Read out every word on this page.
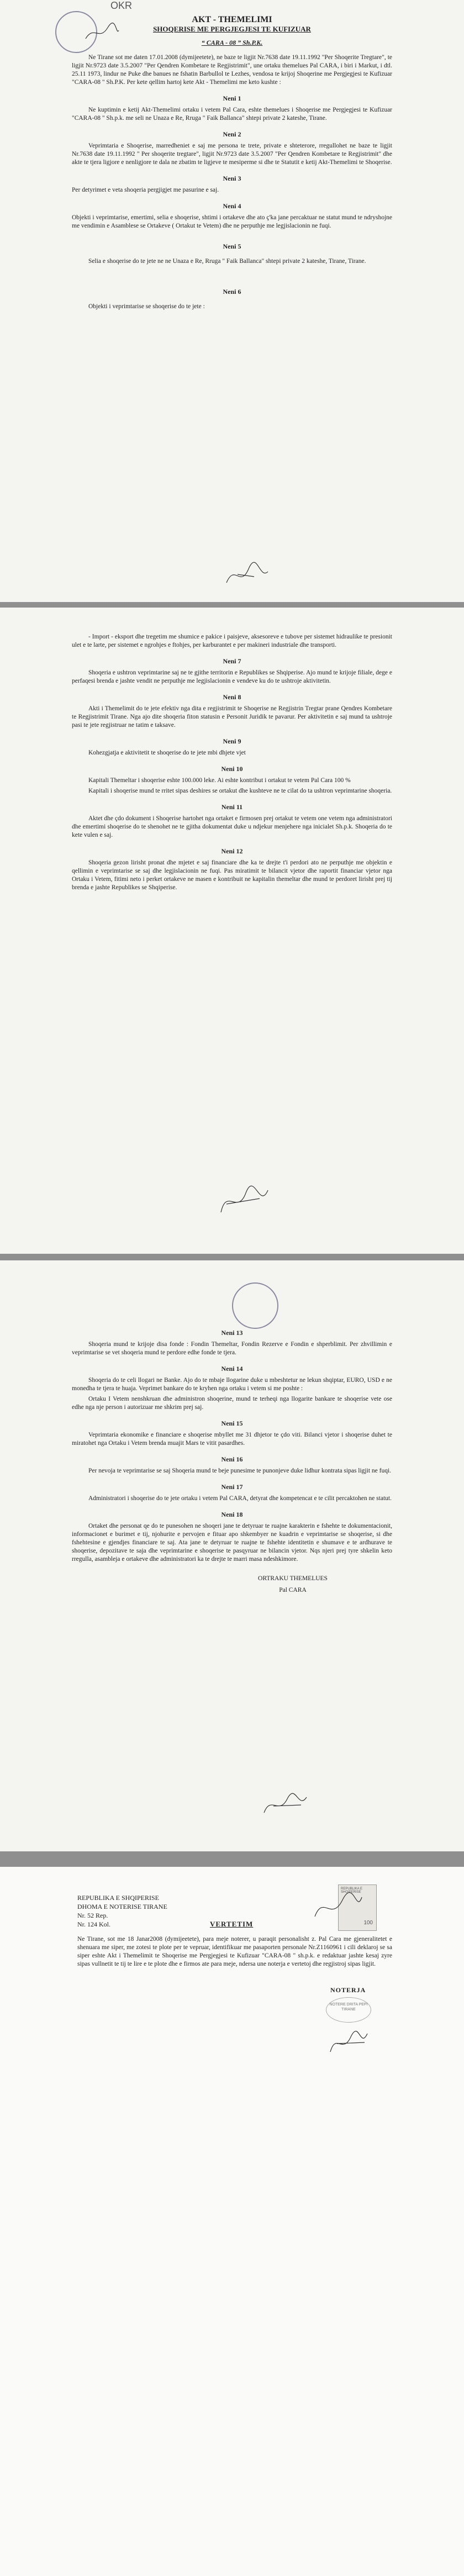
OKR
AKT - THEMELIMI
SHOQERISE ME PERGJEGJESI TE KUFIZUAR
“ CARA - 08 ” Sh.P.K.

Ne Tirane sot me daten 17.01.2008 (dymijeetete), ne baze te ligjit Nr.7638 date 19.11.1992 "Per Shoqerite Tregtare", te ligjit Nr.9723 date 3.5.2007 "Per Qendren Kombetare te Regjistrimit", une ortaku themelues Pal CARA, i biri i Markut, i dtl. 25.11 1973, lindur ne Puke dhe banues ne fshatin Barbullol te Lezhes, vendosa te krijoj Shoqerine me Pergjegjesi te Kufizuar "CARA-08 " Sh.P.K. Per kete qellim hartoj kete Akt - Themelimi me keto kushte :

Neni 1

Ne kuptimin e ketij Akt-Themelimi ortaku i vetem Pal Cara, eshte themelues i Shoqerise me Pergjegjesi te Kufizuar "CARA-08 " Sh.p.k. me seli ne Unaza e Re, Rruga " Faik Ballanca" shtepi private 2 kateshe, Tirane.

Neni 2

Veprimtaria e Shoqerise, marredheniet e saj me persona te trete, private e shteterore, rregullohet ne baze te ligjit Nr.7638 date 19.11.1992 " Per shoqerite tregtare", ligjit Nr.9723 date 3.5.2007 "Per Qendren Kombetare te Regjistrimit" dhe akte te tjera ligjore e nenligjore te dala ne zbatim te ligjeve te mesiperme si dhe te Statutit e ketij Akt-Themelimi te Shoqerise.

Neni 3

Per detyrimet e veta shoqeria pergjigjet me pasurine e saj.

Neni 4

Objekti i veprimtarise, emertimi, selia e shoqerise, shtimi i ortakeve dhe ato ç'ka jane percaktuar ne statut mund te ndryshojne me vendimin e Asamblese se Ortakeve ( Ortakut te Vetem) dhe ne perputhje me legjislacionin ne fuqi.

Neni 5

Selia e shoqerise do te jete ne ne Unaza e Re, Rruga " Faik Ballanca" shtepi private 2 kateshe, Tirane, Tirane.

Neni 6

Objekti i veprimtarise se shoqerise do te jete :

- Import - eksport dhe tregetim me shumice e pakice i paisjeve, aksesoreve e tubove per sistemet hidraulike te presionit ulet e te larte, per sistemet e ngrohjes e ftohjes, per karburantet e per makineri industriale dhe transporti.

Neni 7

Shoqeria e ushtron veprimtarine saj ne te gjithe territorin e Republikes se Shqiperise. Ajo mund te krijoje filiale, dege e perfaqesi brenda e jashte vendit ne perputhje me legjislacionin e vendeve ku do te ushtroje aktivitetin.

Neni 8

Akti i Themelimit do te jete efektiv nga dita e regjistrimit te Shoqerise ne Regjistrin Tregtar prane Qendres Kombetare te Regjistrimit Tirane. Nga ajo dite shoqeria fiton statusin e Personit Juridik te pavarur. Per aktivitetin e saj mund ta ushtroje pasi te jete regjistruar ne tatim e taksave.

Neni 9

Kohezgjatja e aktivitetit te shoqerise do te jete mbi dhjete vjet

Neni 10

Kapitali Themeltar i shoqerise eshte 100.000 leke. Ai eshte kontribut i ortakut te vetem Pal Cara 100 %

Kapitali i shoqerise mund te rritet sipas deshires se ortakut dhe kushteve ne te cilat do ta ushtron veprimtarine shoqeria.

Neni 11

Aktet dhe çdo dokument i Shoqerise hartohet nga ortaket e firmosen prej ortakut te vetem one vetem nga administratori dhe emertimi shoqerise do te shenohet ne te gjitha dokumentat duke u ndjekur menjehere nga inicialet Sh.p.k. Shoqeria do te kete vulen e saj.

Neni 12

Shoqeria gezon lirisht pronat dhe mjetet e saj financiare dhe ka te drejte t'i perdori ato ne perputhje me objektin e qellimin e veprimtarise se saj dhe legjislacionin ne fuqi. Pas miratimit te bilancit vjetor dhe raportit financiar vjetor nga Ortaku i Vetem, fitimi neto i perket ortakeve ne masen e kontribuit ne kapitalin themeltar dhe mund te perdoret lirisht prej tij brenda e jashte Republikes se Shqiperise.

Neni 13

Shoqeria mund te krijoje disa fonde : Fondin Themeltar, Fondin Rezerve e Fondin e shperblimit. Per zhvillimin e veprimtarise se vet shoqeria mund te perdore edhe fonde te tjera.

Neni 14

Shoqeria do te celi llogari ne Banke. Ajo do te mbaje llogarine duke u mbeshtetur ne lekun shqiptar, EURO, USD e ne monedha te tjera te huaja. Veprimet bankare do te kryhen nga ortaku i vetem si me poshte :

Ortaku I Vetem nenshkruan dhe administron shoqerine, mund te terheqi nga llogarite bankare te shoqerise vete ose edhe nga nje person i autorizuar me shkrim prej saj.

Neni 15

Veprimtaria ekonomike e financiare e shoqerise mbyllet me 31 dhjetor te çdo viti. Bilanci vjetor i shoqerise duhet te miratohet nga Ortaku i Vetem brenda muajit Mars te vitit pasardhes.

Neni 16

Per nevoja te veprimtarise se saj Shoqeria mund te beje punesime te punonjeve duke lidhur kontrata sipas ligjit ne fuqi.

Neni 17

Administratori i shoqerise do te jete ortaku i vetem Pal CARA, detyrat dhe kompetencat e te cilit percaktohen ne statut.

Neni 18

Ortaket dhe personat qe do te punesohen ne shoqeri jane te detyruar te ruajne karakterin e fshehte te dokumentacionit, informacionet e burimet e tij, njohurite e pervojen e fituar apo shkembyer ne kuadrin e veprimtarise se shoqerise, si dhe fshehtesine e gjendjes financiare te saj. Ata jane te detyruar te ruajne te fshehte identitetin e shumave e te ardhurave te shoqerise, depozitave te saja dhe veprimtarine e shoqerise te pasqyruar ne bilancin vjetor. Nqs njeri prej tyre shkelin keto rregulla, asambleja e ortakeve dhe administratori ka te drejte te marri masa ndeshkimore.

ORTRAKU THEMELUES
Pal CARA
REPUBLIKA E SHQIPERISE
DHOMA E NOTERISE TIRANE
Nr. 52 Rep.
Nr. 124 Kol.	VERTETIM
REPUBLIKA E SHQIPERISE
100
Ne Tirane, sot me 18 Janar2008 (dymijeetete), para meje noterer, u paraqit personalisht z. Pal Cara me gjeneralitetet e shenuara me siper, me zotesi te plote per te vepruar, identifikuar me pasaporten personale Nr.Z1160961 i cili deklaroj se sa siper eshte Akt i Themelimit te Shoqerise me Pergjegjesi te Kufizuar "CARA-08 " sh.p.k. e redaktuar jashte kesaj zyre sipas vullnetit te tij te lire e te plote dhe e firmos ate para meje, ndersa une noterja e vertetoj dhe regjistroj sipas ligjit.
NOTERJA
NOTERE DRITA PEPI TIRANE
